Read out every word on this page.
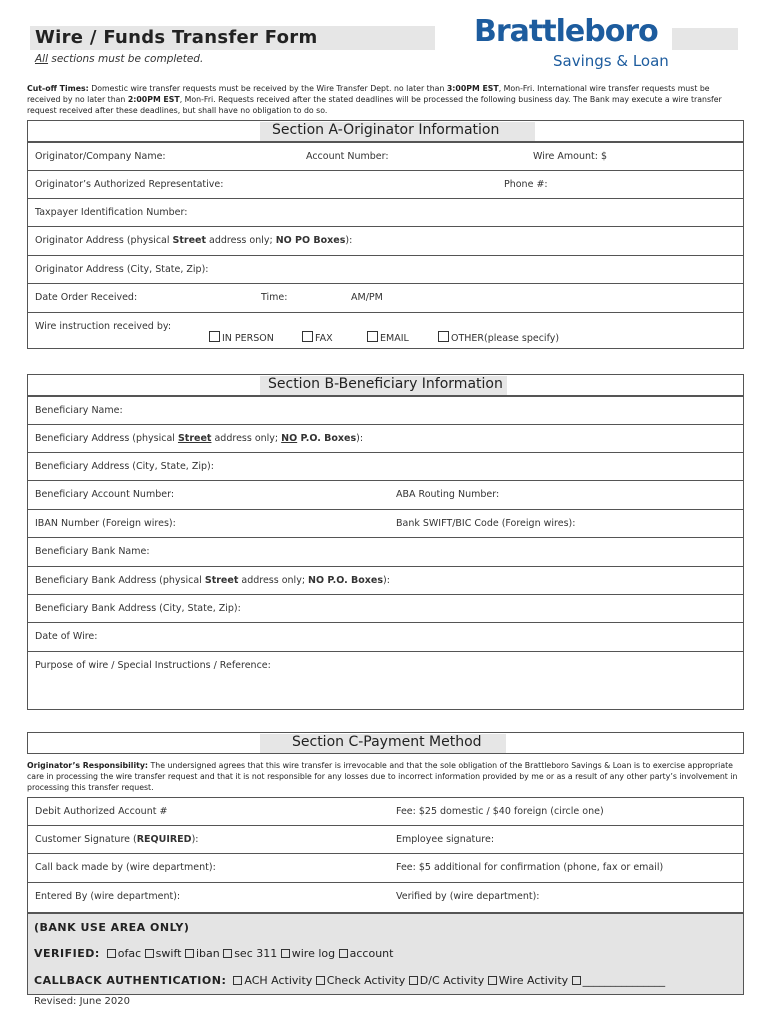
Wire / Funds Transfer Form
All sections must be completed.
Brattleboro
Savings & Loan
Cut-off Times: Domestic wire transfer requests must be received by the Wire Transfer Dept. no later than 3:00PM EST, Mon-Fri. International wire transfer requests must be received by no later than 2:00PM EST, Mon-Fri. Requests received after the stated deadlines will be processed the following business day. The Bank may execute a wire transfer request received after these deadlines, but shall have no obligation to do so.
Section A-Originator Information
Originator/Company Name:	Account Number:	Wire Amount: $
Originator’s Authorized Representative:	Phone #:
Taxpayer Identification Number:
Originator Address (physical Street address only; NO PO Boxes):
Originator Address (City, State, Zip):
Date Order Received:	Time:	AM/PM
Wire instruction received by:
IN PERSON	FAX	EMAIL	OTHER(please specify)
Section B-Beneficiary Information
Beneficiary Name:
Beneficiary Address (physical Street address only; NO P.O. Boxes):
Beneficiary Address (City, State, Zip):
Beneficiary Account Number:	ABA Routing Number:
IBAN Number (Foreign wires):	Bank SWIFT/BIC Code (Foreign wires):
Beneficiary Bank Name:
Beneficiary Bank Address (physical Street address only; NO P.O. Boxes):
Beneficiary Bank Address (City, State, Zip):
Date of Wire:
Purpose of wire / Special Instructions / Reference:
Section C-Payment Method
Originator’s Responsibility: The undersigned agrees that this wire transfer is irrevocable and that the sole obligation of the Brattleboro Savings & Loan is to exercise appropriate care in processing the wire transfer request and that it is not responsible for any losses due to incorrect information provided by me or as a result of any other party’s involvement in processing this transfer request.
Debit Authorized Account #	Fee: $25 domestic / $40 foreign (circle one)
Customer Signature (REQUIRED):	Employee signature:
Call back made by (wire department):	Fee: $5 additional for confirmation (phone, fax or email)
Entered By (wire department):	Verified by (wire department):
(BANK USE AREA ONLY)
VERIFIED: ofac swift iban sec 311 wire log account
CALLBACK AUTHENTICATION: ACH Activity Check Activity D/C Activity Wire Activity _______________
Revised: June 2020
